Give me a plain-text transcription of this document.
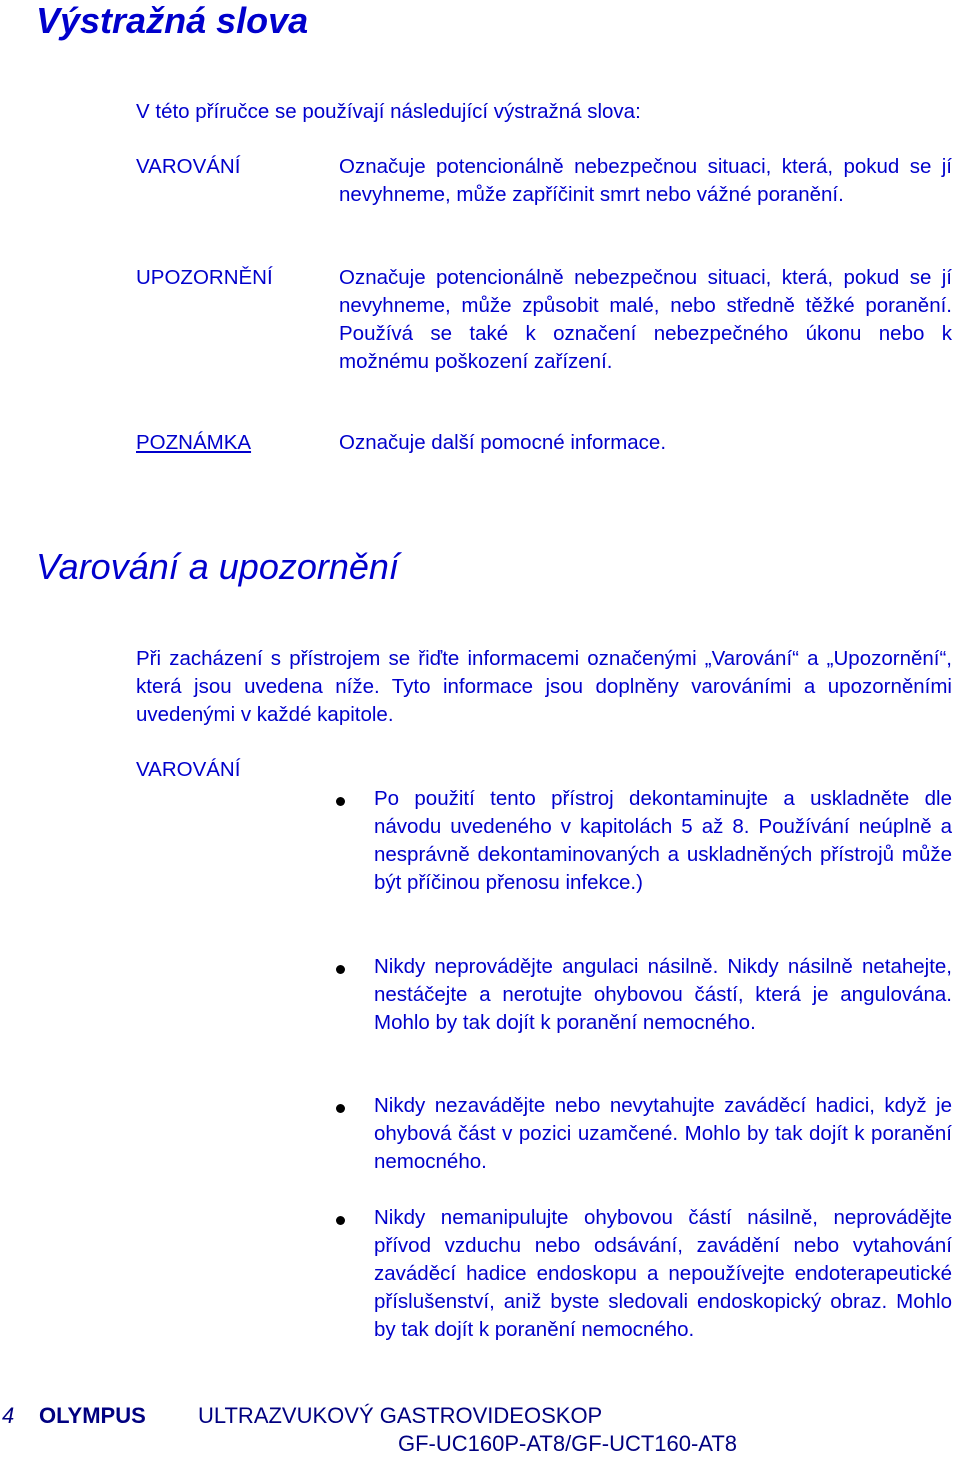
Výstražná slova
V této příručce se používají následující výstražná slova:
VAROVÁNÍ	Označuje potencionálně nebezpečnou situaci, která, pokud se jí nevyhneme, může zapříčinit smrt nebo vážné poranění.
UPOZORNĚNÍ	Označuje potencionálně nebezpečnou situaci, která, pokud se jí nevyhneme, může způsobit malé, nebo středně těžké poranění. Používá se také k označení nebezpečného úkonu nebo k možnému poškození zařízení.
POZNÁMKA	Označuje další pomocné informace.
Varování a upozornění
Při zacházení s přístrojem se řiďte informacemi označenými „Varování“ a „Upozornění“, která jsou uvedena níže. Tyto informace jsou doplněny varováními a upozorněními uvedenými v každé kapitole.
VAROVÁNÍ
Po použití tento přístroj dekontaminujte a uskladněte dle návodu uvedeného v kapitolách 5 až 8. Používání neúplně a nesprávně dekontaminovaných a uskladněných přístrojů může být příčinou přenosu infekce.)
Nikdy neprovádějte angulaci násilně. Nikdy násilně netahejte, nestáčejte a nerotujte ohybovou částí, která je angulována. Mohlo by tak dojít k poranění nemocného.
Nikdy nezavádějte nebo nevytahujte zaváděcí hadici, když je ohybová část v pozici uzamčené. Mohlo by tak dojít k poranění nemocného.
Nikdy nemanipulujte ohybovou částí násilně, neprovádějte přívod vzduchu nebo odsávání, zavádění nebo vytahování zaváděcí hadice endoskopu a nepoužívejte endoterapeutické příslušenství, aniž byste sledovali endoskopický obraz. Mohlo by tak dojít k poranění nemocného.
4 OLYMPUS ULTRAZVUKOVÝ GASTROVIDEOSKOP
GF-UC160P-AT8/GF-UCT160-AT8
